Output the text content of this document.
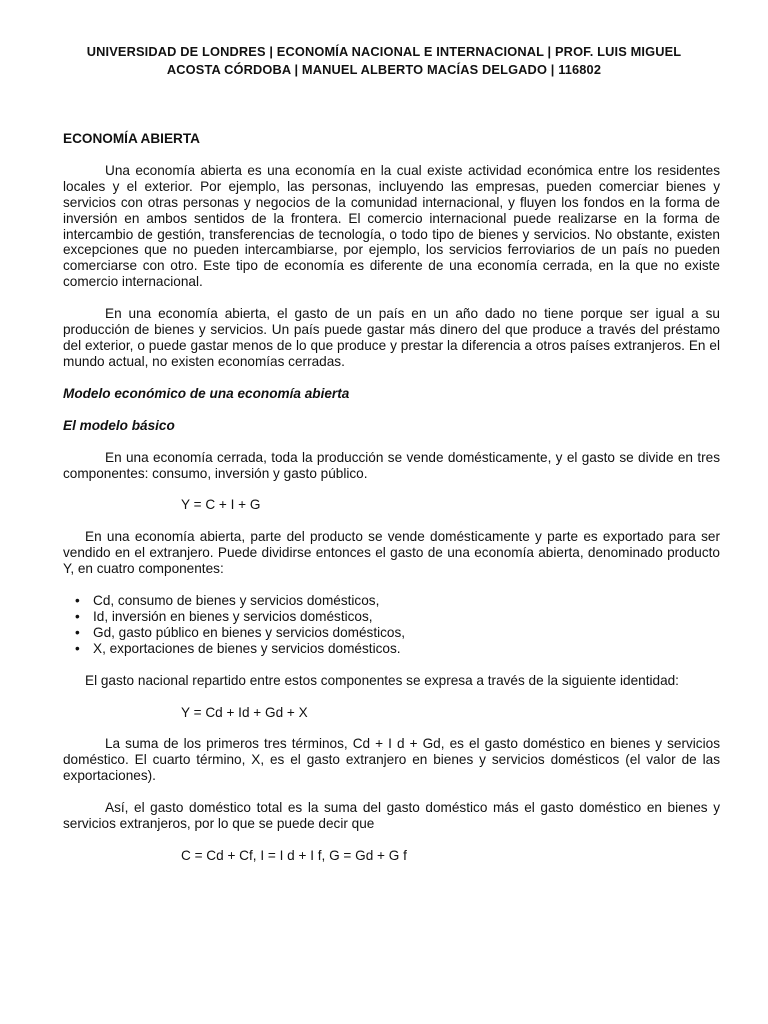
UNIVERSIDAD DE LONDRES | ECONOMÍA NACIONAL E INTERNACIONAL | PROF. LUIS MIGUEL
ACOSTA CÓRDOBA | MANUEL ALBERTO MACÍAS DELGADO | 116802
ECONOMÍA ABIERTA

Una economía abierta es una economía en la cual existe actividad económica entre los residentes locales y el exterior. Por ejemplo, las personas, incluyendo las empresas, pueden comerciar bienes y servicios con otras personas y negocios de la comunidad internacional, y fluyen los fondos en la forma de inversión en ambos sentidos de la frontera. El comercio internacional puede realizarse en la forma de intercambio de gestión, transferencias de tecnología, o todo tipo de bienes y servicios. No obstante, existen excepciones que no pueden intercambiarse, por ejemplo, los servicios ferroviarios de un país no pueden comerciarse con otro. Este tipo de economía es diferente de una economía cerrada, en la que no existe comercio internacional.

En una economía abierta, el gasto de un país en un año dado no tiene porque ser igual a su producción de bienes y servicios. Un país puede gastar más dinero del que produce a través del préstamo del exterior, o puede gastar menos de lo que produce y prestar la diferencia a otros países extranjeros. En el mundo actual, no existen economías cerradas.

Modelo económico de una economía abierta
El modelo básico

En una economía cerrada, toda la producción se vende domésticamente, y el gasto se divide en tres componentes: consumo, inversión y gasto público.

Y = C + I + G

En una economía abierta, parte del producto se vende domésticamente y parte es exportado para ser vendido en el extranjero. Puede dividirse entonces el gasto de una economía abierta, denominado producto Y, en cuatro componentes:

• Cd, consumo de bienes y servicios domésticos,
• Id, inversión en bienes y servicios domésticos,
• Gd, gasto público en bienes y servicios domésticos,
• X, exportaciones de bienes y servicios domésticos.

El gasto nacional repartido entre estos componentes se expresa a través de la siguiente identidad:

Y = Cd + Id + Gd + X

La suma de los primeros tres términos, Cd + I d + Gd, es el gasto doméstico en bienes y servicios doméstico. El cuarto término, X, es el gasto extranjero en bienes y servicios domésticos (el valor de las exportaciones).

Así, el gasto doméstico total es la suma del gasto doméstico más el gasto doméstico en bienes y servicios extranjeros, por lo que se puede decir que

C = Cd + Cf, I = I d + I f, G = Gd + G f
